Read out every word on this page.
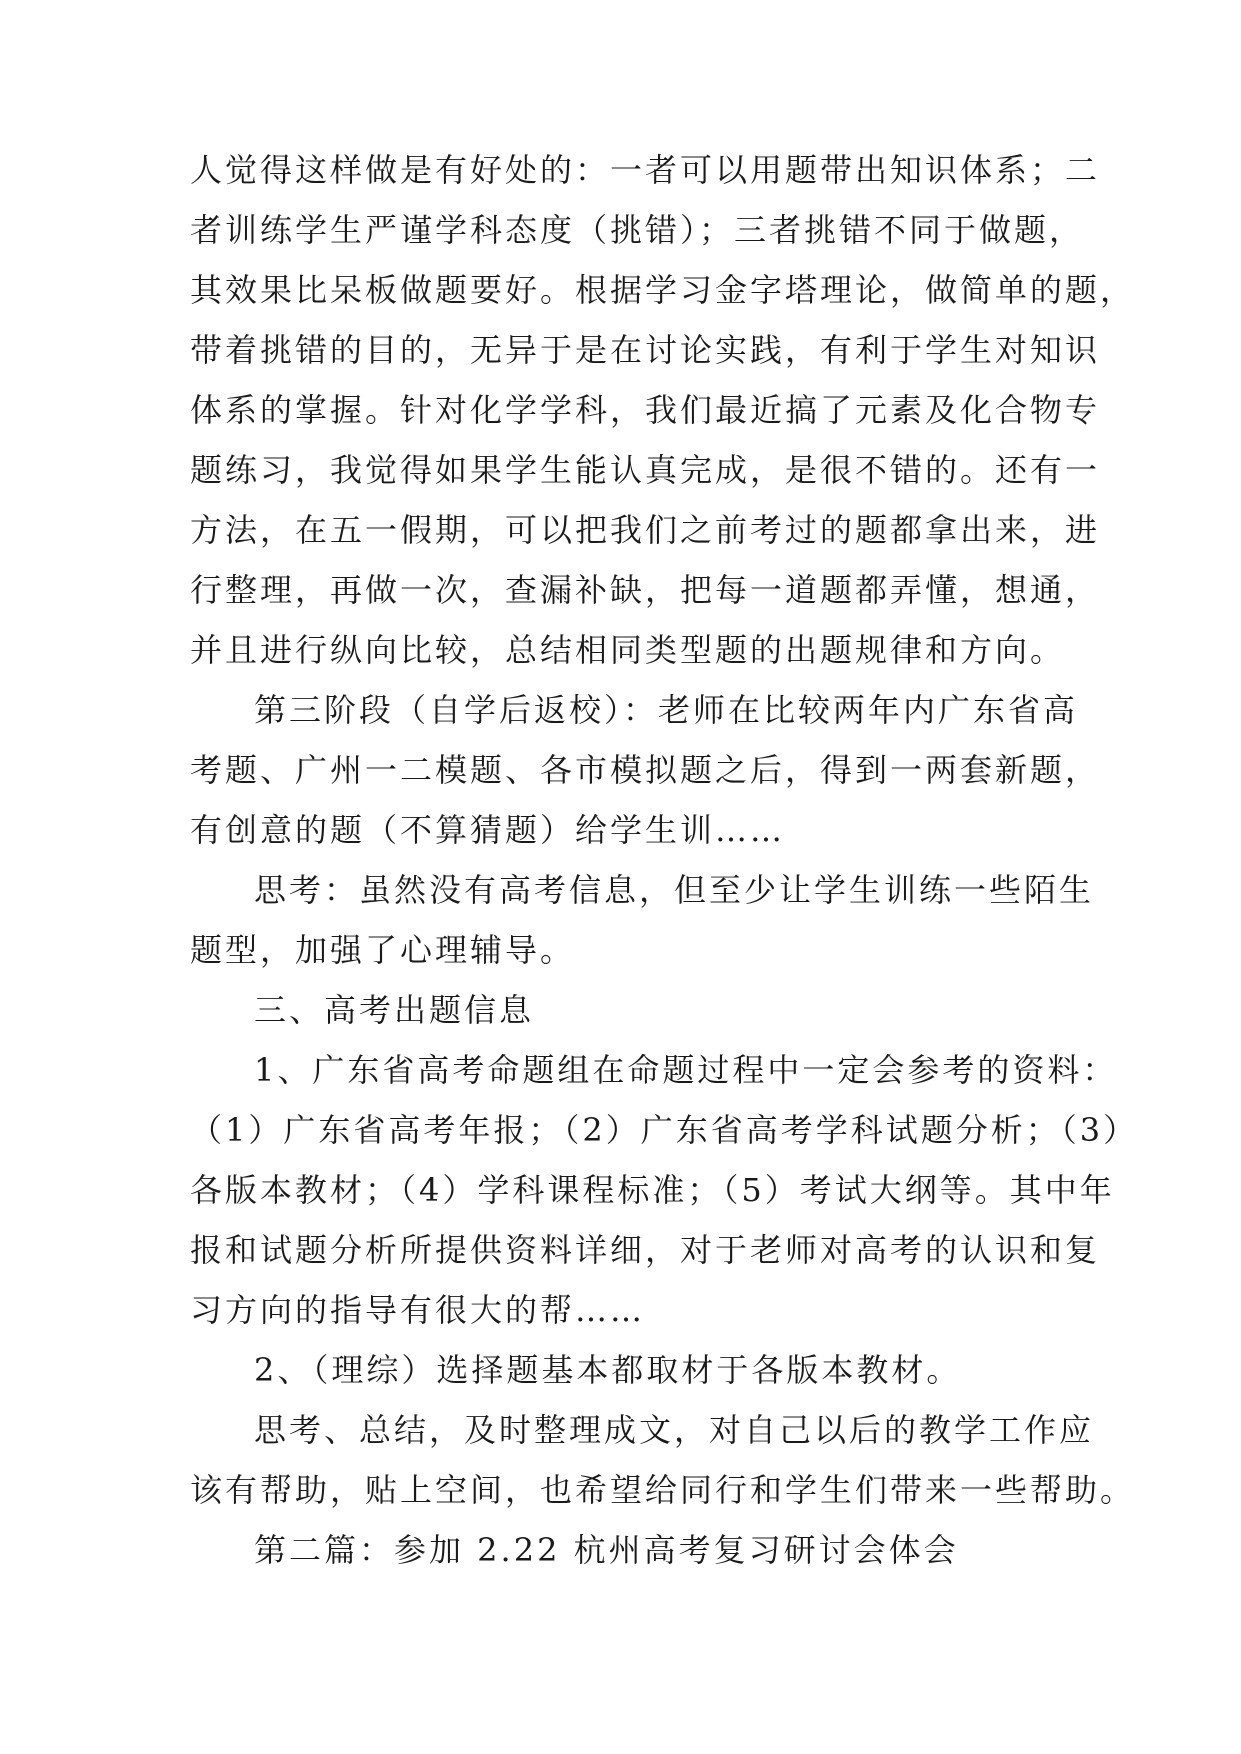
人觉得这样做是有好处的：一者可以用题带出知识体系；二
者训练学生严谨学科态度（挑错）；三者挑错不同于做题，
其效果比呆板做题要好。根据学习金字塔理论，做简单的题，
带着挑错的目的，无异于是在讨论实践，有利于学生对知识
体系的掌握。针对化学学科，我们最近搞了元素及化合物专
题练习，我觉得如果学生能认真完成，是很不错的。还有一
方法，在五一假期，可以把我们之前考过的题都拿出来，进
行整理，再做一次，查漏补缺，把每一道题都弄懂，想通，
并且进行纵向比较，总结相同类型题的出题规律和方向。
第三阶段（自学后返校）：老师在比较两年内广东省高
考题、广州一二模题、各市模拟题之后，得到一两套新题，
有创意的题（不算猜题）给学生训……
思考：虽然没有高考信息，但至少让学生训练一些陌生
题型，加强了心理辅导。
三、高考出题信息
1、广东省高考命题组在命题过程中一定会参考的资料：
（1）广东省高考年报；（2）广东省高考学科试题分析；（3）
各版本教材；（4）学科课程标准；（5）考试大纲等。其中年
报和试题分析所提供资料详细，对于老师对高考的认识和复
习方向的指导有很大的帮……
2、（理综）选择题基本都取材于各版本教材。
思考、总结，及时整理成文，对自己以后的教学工作应
该有帮助，贴上空间，也希望给同行和学生们带来一些帮助。
第二篇：参加 2.22 杭州高考复习研讨会体会
